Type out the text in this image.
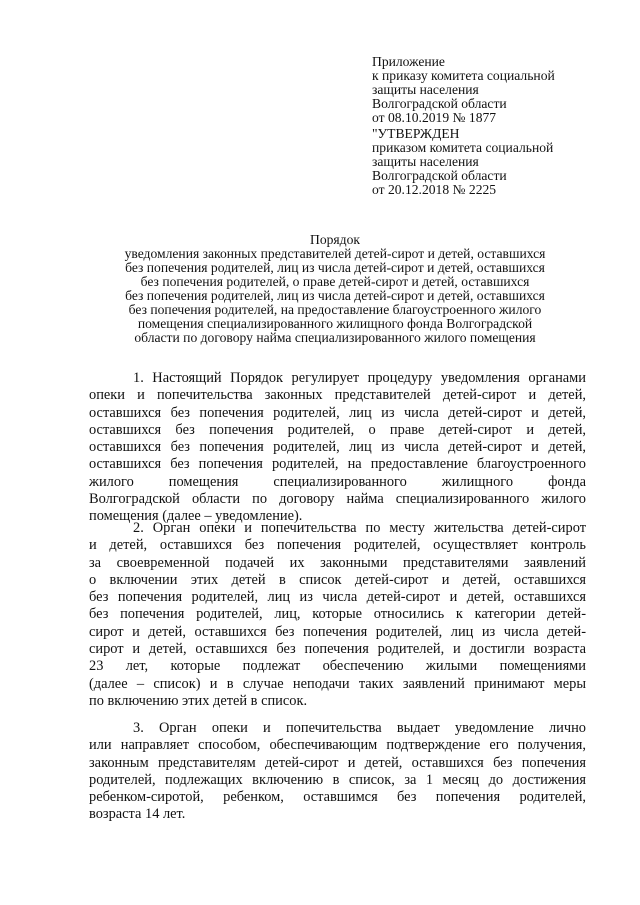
Приложение
к приказу комитета социальной
защиты населения
Волгоградской области
от 08.10.2019 № 1877
"УТВЕРЖДЕН
приказом комитета социальной
защиты населения
Волгоградской области
от 20.12.2018 № 2225
Порядок
уведомления законных представителей детей-сирот и детей, оставшихся
без попечения родителей, лиц из числа детей-сирот и детей, оставшихся
без попечения родителей, о праве детей-сирот и детей, оставшихся
без попечения родителей, лиц из числа детей-сирот и детей, оставшихся
без попечения родителей, на предоставление благоустроенного жилого
помещения специализированного жилищного фонда Волгоградской
области по договору найма специализированного жилого помещения
1. Настоящий Порядок регулирует процедуру уведомления органами
опеки и попечительства законных представителей детей-сирот и детей,
оставшихся без попечения родителей, лиц из числа детей-сирот и детей,
оставшихся без попечения родителей, о праве детей-сирот и детей,
оставшихся без попечения родителей, лиц из числа детей-сирот и детей,
оставшихся без попечения родителей, на предоставление благоустроенного
жилого помещения специализированного жилищного фонда
Волгоградской области по договору найма специализированного жилого
помещения (далее – уведомление).
2. Орган опеки и попечительства по месту жительства детей-сирот
и детей, оставшихся без попечения родителей, осуществляет контроль
за своевременной подачей их законными представителями заявлений
о включении этих детей в список детей-сирот и детей, оставшихся
без попечения родителей, лиц из числа детей-сирот и детей, оставшихся
без попечения родителей, лиц, которые относились к категории детей-
сирот и детей, оставшихся без попечения родителей, лиц из числа детей-
сирот и детей, оставшихся без попечения родителей, и достигли возраста
23 лет, которые подлежат обеспечению жилыми помещениями
(далее – список) и в случае неподачи таких заявлений принимают меры
по включению этих детей в список.
3. Орган опеки и попечительства выдает уведомление лично
или направляет способом, обеспечивающим подтверждение его получения,
законным представителям детей-сирот и детей, оставшихся без попечения
родителей, подлежащих включению в список, за 1 месяц до достижения
ребенком-сиротой, ребенком, оставшимся без попечения родителей,
возраста 14 лет.
